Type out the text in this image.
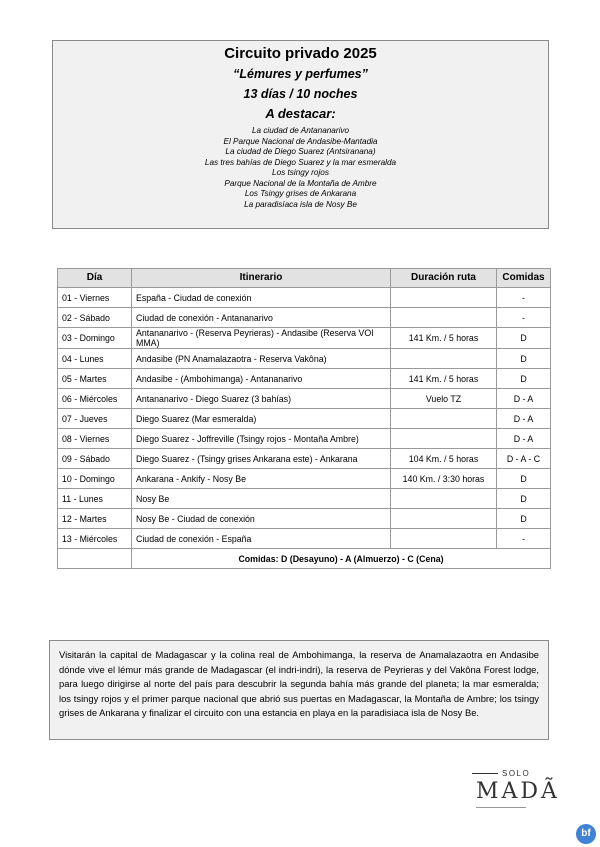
Circuito privado 2025
“Lémures y perfumes”
13 días / 10 noches
A destacar:
La ciudad de Antananarivo
El Parque Nacional de Andasibe-Mantadia
La ciudad de Diego Suarez (Antsiranana)
Las tres bahías de Diego Suarez y la mar esmeralda
Los tsingy rojos
Parque Nacional de la Montaña de Ambre
Los Tsingy grises de Ankarana
La paradisíaca isla de Nosy Be
Día	Itinerario	Duración ruta	Comidas
01 - Viernes	España - Ciudad de conexión		-
02 - Sábado	Ciudad de conexión - Antananarivo		-
03 - Domingo	Antananarivo - (Reserva Peyrieras) - Andasibe (Reserva VOI MMA)	141 Km. / 5 horas	D
04 - Lunes	Andasibe (PN Anamalazaotra - Reserva Vakôna)		D
05 - Martes	Andasibe - (Ambohimanga) - Antananarivo	141 Km. / 5 horas	D
06 - Miércoles	Antananarivo - Diego Suarez (3 bahías)	Vuelo TZ	D - A
07 - Jueves	Diego Suarez (Mar esmeralda)		D - A
08 - Viernes	Diego Suarez - Joffreville (Tsingy rojos - Montaña Ambre)		D - A
09 - Sábado	Diego Suarez - (Tsingy grises Ankarana este) - Ankarana	104 Km. / 5 horas	D - A - C
10 - Domingo	Ankarana - Ankify - Nosy Be	140 Km. / 3:30 horas	D
11 - Lunes	Nosy Be		D
12 - Martes	Nosy Be - Ciudad de conexión		D
13 - Miércoles	Ciudad de conexión - España		-
	Comidas: D (Desayuno) - A (Almuerzo) - C (Cena)		
Visitarán la capital de Madagascar y la colina real de Ambohimanga, la reserva de Anamalazaotra en Andasibe dónde vive el lémur más grande de Madagascar (el indri-indri), la reserva de Peyrieras y del Vakôna Forest lodge, para luego dirigirse al norte del país para descubrir la segunda bahía más grande del planeta; la mar esmeralda; los tsingy rojos y el primer parque nacional que abrió sus puertas en Madagascar, la Montaña de Ambre; los tsingy grises de Ankarana y finalizar el circuito con una estancia en playa en la paradisiaca isla de Nosy Be.
SOLO
MADÃ
bf
